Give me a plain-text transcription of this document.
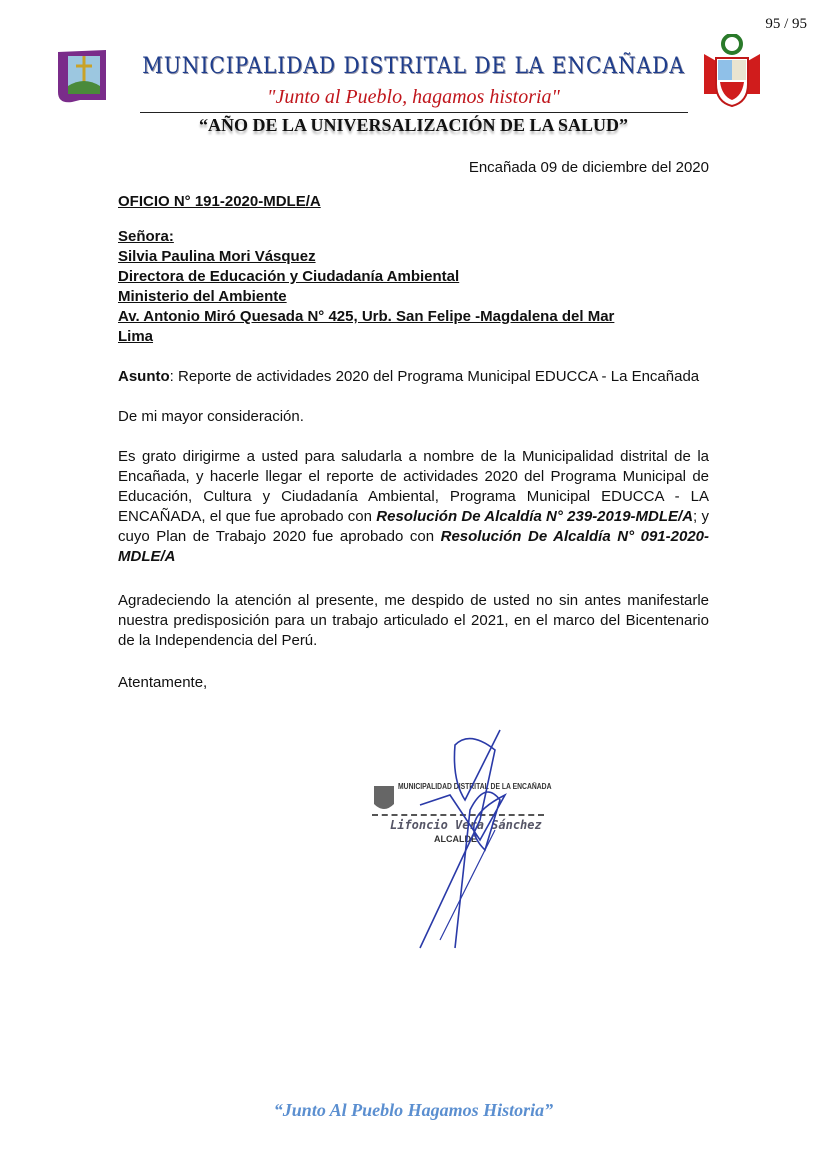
95 / 95
MUNICIPALIDAD DISTRITAL DE LA ENCAÑADA
"Junto al Pueblo, hagamos historia"
“AÑO DE LA UNIVERSALIZACIÓN DE LA SALUD”
Encañada 09 de diciembre del 2020
OFICIO N° 191-2020-MDLE/A
Señora:
Silvia Paulina Mori Vásquez
Directora de Educación y Ciudadanía Ambiental
Ministerio del Ambiente
Av. Antonio Miró Quesada N° 425, Urb. San Felipe -Magdalena del Mar
Lima
Asunto: Reporte de actividades 2020 del Programa Municipal EDUCCA - La Encañada
De mi mayor consideración.
Es grato dirigirme a usted para saludarla a nombre de la Municipalidad distrital de la Encañada, y hacerle llegar el reporte de actividades 2020 del Programa Municipal de Educación, Cultura y Ciudadanía Ambiental, Programa Municipal EDUCCA - LA ENCAÑADA, el que fue aprobado con Resolución De Alcaldía N° 239-2019-MDLE/A; y cuyo Plan de Trabajo 2020 fue aprobado con Resolución De Alcaldía N° 091-2020-MDLE/A
Agradeciendo la atención al presente, me despido de usted no sin antes manifestarle nuestra predisposición para un trabajo articulado el 2021, en el marco del Bicentenario de la Independencia del Perú.
Atentamente,
MUNICIPALIDAD DISTRITAL DE LA ENCAÑADA
Lifoncio Vera Sánchez
ALCALDE
“Junto Al Pueblo Hagamos Historia”
